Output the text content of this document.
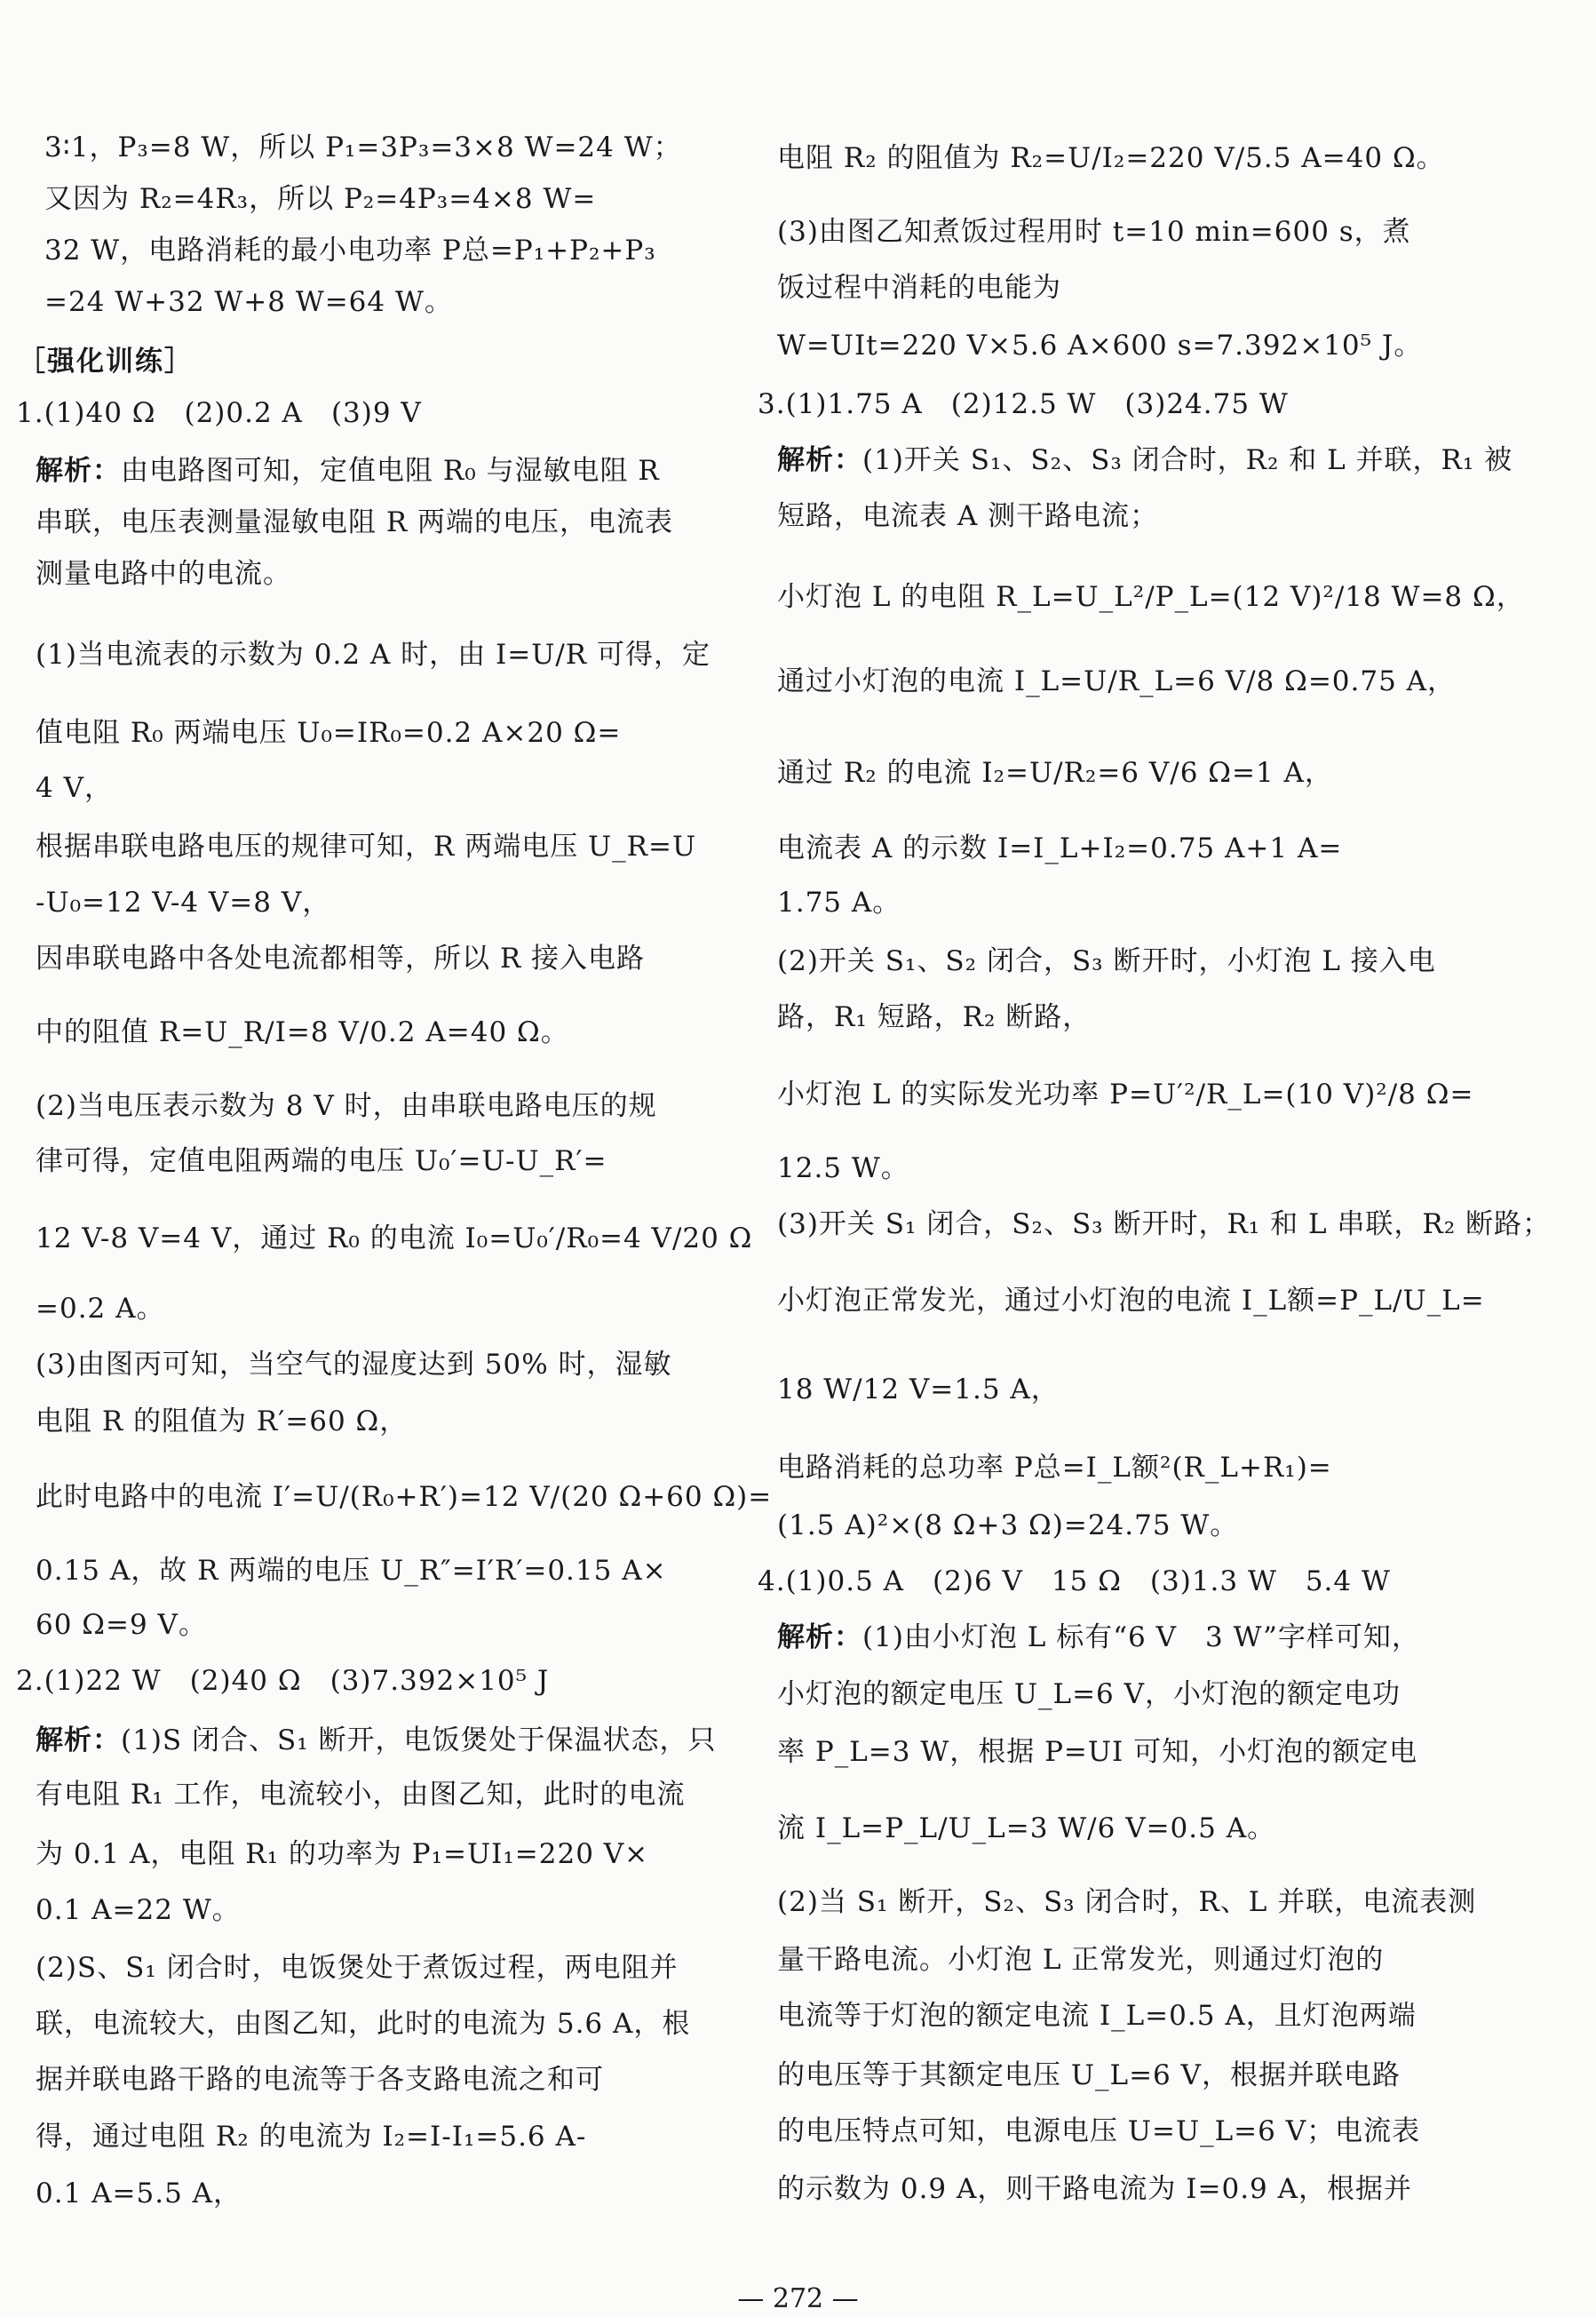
3∶1，P₃=8 W，所以 P₁=3P₃=3×8 W=24 W；
又因为 R₂=4R₃，所以 P₂=4P₃=4×8 W=
32 W，电路消耗的最小电功率 P总=P₁+P₂+P₃
=24 W+32 W+8 W=64 W。
［强化训练］
1.(1)40 Ω　(2)0.2 A　(3)9 V
解析：由电路图可知，定值电阻 R₀ 与湿敏电阻 R
串联，电压表测量湿敏电阻 R 两端的电压，电流表
测量电路中的电流。
(1)当电流表的示数为 0.2 A 时，由 I=U/R 可得，定
值电阻 R₀ 两端电压 U₀=IR₀=0.2 A×20 Ω=
4 V，
根据串联电路电压的规律可知，R 两端电压 U_R=U
-U₀=12 V-4 V=8 V，
因串联电路中各处电流都相等，所以 R 接入电路
中的阻值 R=U_R/I=8 V/0.2 A=40 Ω。
(2)当电压表示数为 8 V 时，由串联电路电压的规
律可得，定值电阻两端的电压 U₀′=U-U_R′=
12 V-8 V=4 V，通过 R₀ 的电流 I₀=U₀′/R₀=4 V/20 Ω
=0.2 A。
(3)由图丙可知，当空气的湿度达到 50% 时，湿敏
电阻 R 的阻值为 R′=60 Ω，
此时电路中的电流 I′=U/(R₀+R′)=12 V/(20 Ω+60 Ω)=
0.15 A，故 R 两端的电压 U_R″=I′R′=0.15 A×
60 Ω=9 V。
2.(1)22 W　(2)40 Ω　(3)7.392×10⁵ J
解析：(1)S 闭合、S₁ 断开，电饭煲处于保温状态，只
有电阻 R₁ 工作，电流较小，由图乙知，此时的电流
为 0.1 A，电阻 R₁ 的功率为 P₁=UI₁=220 V×
0.1 A=22 W。
(2)S、S₁ 闭合时，电饭煲处于煮饭过程，两电阻并
联，电流较大，由图乙知，此时的电流为 5.6 A，根
据并联电路干路的电流等于各支路电流之和可
得，通过电阻 R₂ 的电流为 I₂=I-I₁=5.6 A-
0.1 A=5.5 A，
电阻 R₂ 的阻值为 R₂=U/I₂=220 V/5.5 A=40 Ω。
(3)由图乙知煮饭过程用时 t=10 min=600 s，煮
饭过程中消耗的电能为
W=UIt=220 V×5.6 A×600 s=7.392×10⁵ J。
3.(1)1.75 A　(2)12.5 W　(3)24.75 W
解析：(1)开关 S₁、S₂、S₃ 闭合时，R₂ 和 L 并联，R₁ 被
短路，电流表 A 测干路电流；
小灯泡 L 的电阻 R_L=U_L²/P_L=(12 V)²/18 W=8 Ω，
通过小灯泡的电流 I_L=U/R_L=6 V/8 Ω=0.75 A，
通过 R₂ 的电流 I₂=U/R₂=6 V/6 Ω=1 A，
电流表 A 的示数 I=I_L+I₂=0.75 A+1 A=
1.75 A。
(2)开关 S₁、S₂ 闭合，S₃ 断开时，小灯泡 L 接入电
路，R₁ 短路，R₂ 断路，
小灯泡 L 的实际发光功率 P=U′²/R_L=(10 V)²/8 Ω=
12.5 W。
(3)开关 S₁ 闭合，S₂、S₃ 断开时，R₁ 和 L 串联，R₂ 断路；
小灯泡正常发光，通过小灯泡的电流 I_L额=P_L/U_L=
18 W/12 V=1.5 A，
电路消耗的总功率 P总=I_L额²(R_L+R₁)=
(1.5 A)²×(8 Ω+3 Ω)=24.75 W。
4.(1)0.5 A　(2)6 V　15 Ω　(3)1.3 W　5.4 W
解析：(1)由小灯泡 L 标有“6 V　3 W”字样可知，
小灯泡的额定电压 U_L=6 V，小灯泡的额定电功
率 P_L=3 W，根据 P=UI 可知，小灯泡的额定电
流 I_L=P_L/U_L=3 W/6 V=0.5 A。
(2)当 S₁ 断开，S₂、S₃ 闭合时，R、L 并联，电流表测
量干路电流。小灯泡 L 正常发光，则通过灯泡的
电流等于灯泡的额定电流 I_L=0.5 A，且灯泡两端
的电压等于其额定电压 U_L=6 V，根据并联电路
的电压特点可知，电源电压 U=U_L=6 V；电流表
的示数为 0.9 A，则干路电流为 I=0.9 A，根据并
— 272 —
